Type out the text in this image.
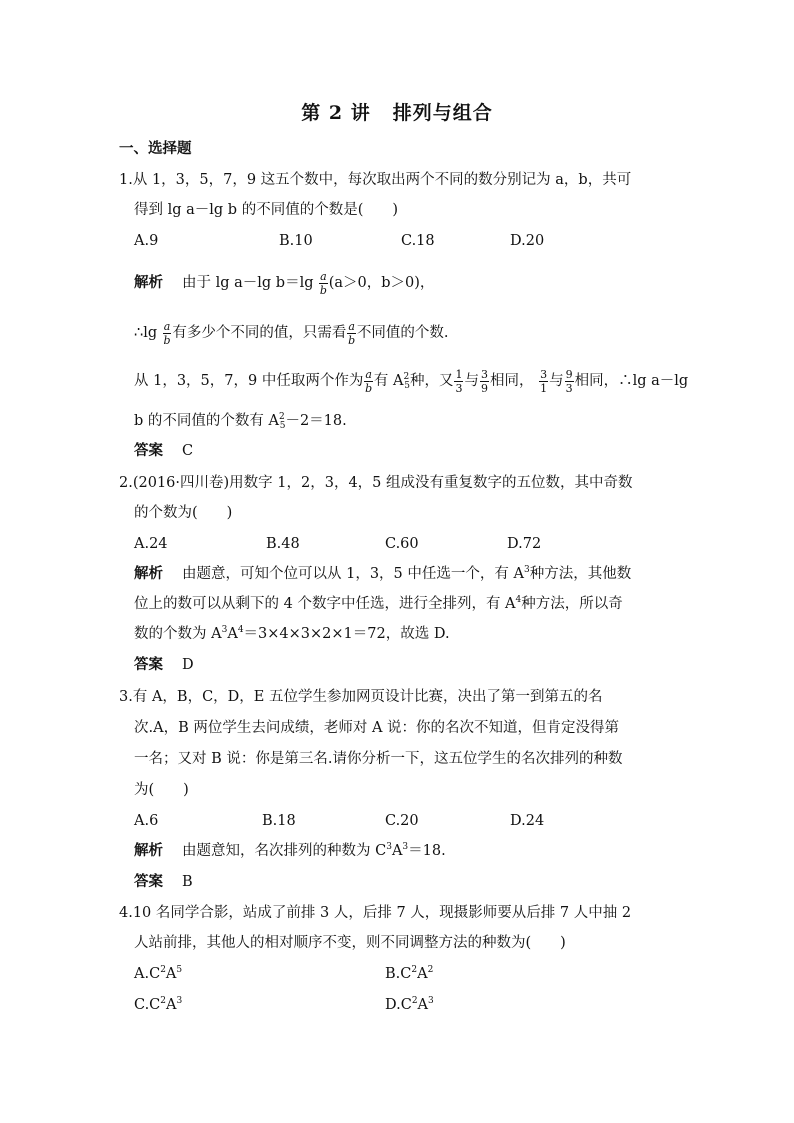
第 2 讲 排列与组合
一、选择题
1.从 1，3，5，7，9 这五个数中，每次取出两个不同的数分别记为 a，b，共可
得到 lg a－lg b 的不同值的个数是(　　)
A.9	B.10	C.18	D.20
解析 由于 lg a－lg $b=\lg \frac{a}{b} (a>0$，b＞0)，
∴lg $\frac{a}{b}$ 有多少个不同的值，只需看 $\frac{a}{b}$ 不同值的个数.
从 1，3，5，7，9 中任取两个作为 $\frac{a}{b}$ 有 $A^{25}$种，又 $\frac{1}{3}$ 与 $\frac{3}{9}$ 相同， $\frac{3}{1}$ 与 $\frac{9}{3}$ 相同，∴lg a－lg
b 的不同值的个数有 $A^{25}-2=18$.
答案 C
2.(2016·四川卷)用数字 1，2，3，4，5 组成没有重复数字的五位数，其中奇数
的个数为(　　)
A.24	B.48	C.60	D.72
解析 由题意，可知个位可以从 1，3，5 中任选一个，有 $A^3$种方法，其他数
位上的数可以从剩下的 4 个数字中任选，进行全排列，有 $A^4$种方法，所以奇
数的个数为 $A^3A^4=3\times 4\times 3\times 2\times 1=72$，故选 D.
答案 D
3.有 A，B，C，D，E 五位学生参加网页设计比赛，决出了第一到第五的名
次.A，B 两位学生去问成绩，老师对 A 说：你的名次不知道，但肯定没得第
一名；又对 B 说：你是第三名.请你分析一下，这五位学生的名次排列的种数
为(　　)
A.6	B.18	C.20	D.24
解析 由题意知，名次排列的种数为 $C^3A^3=18$.
答案 B
4.10 名同学合影，站成了前排 3 人，后排 7 人，现摄影师要从后排 7 人中抽 2
人站前排，其他人的相对顺序不变，则不同调整方法的种数为(　　)
$A.C^2A^5$	$B.C^2A^2$
$C.C^2A^3$	$D.C^2A^3$
